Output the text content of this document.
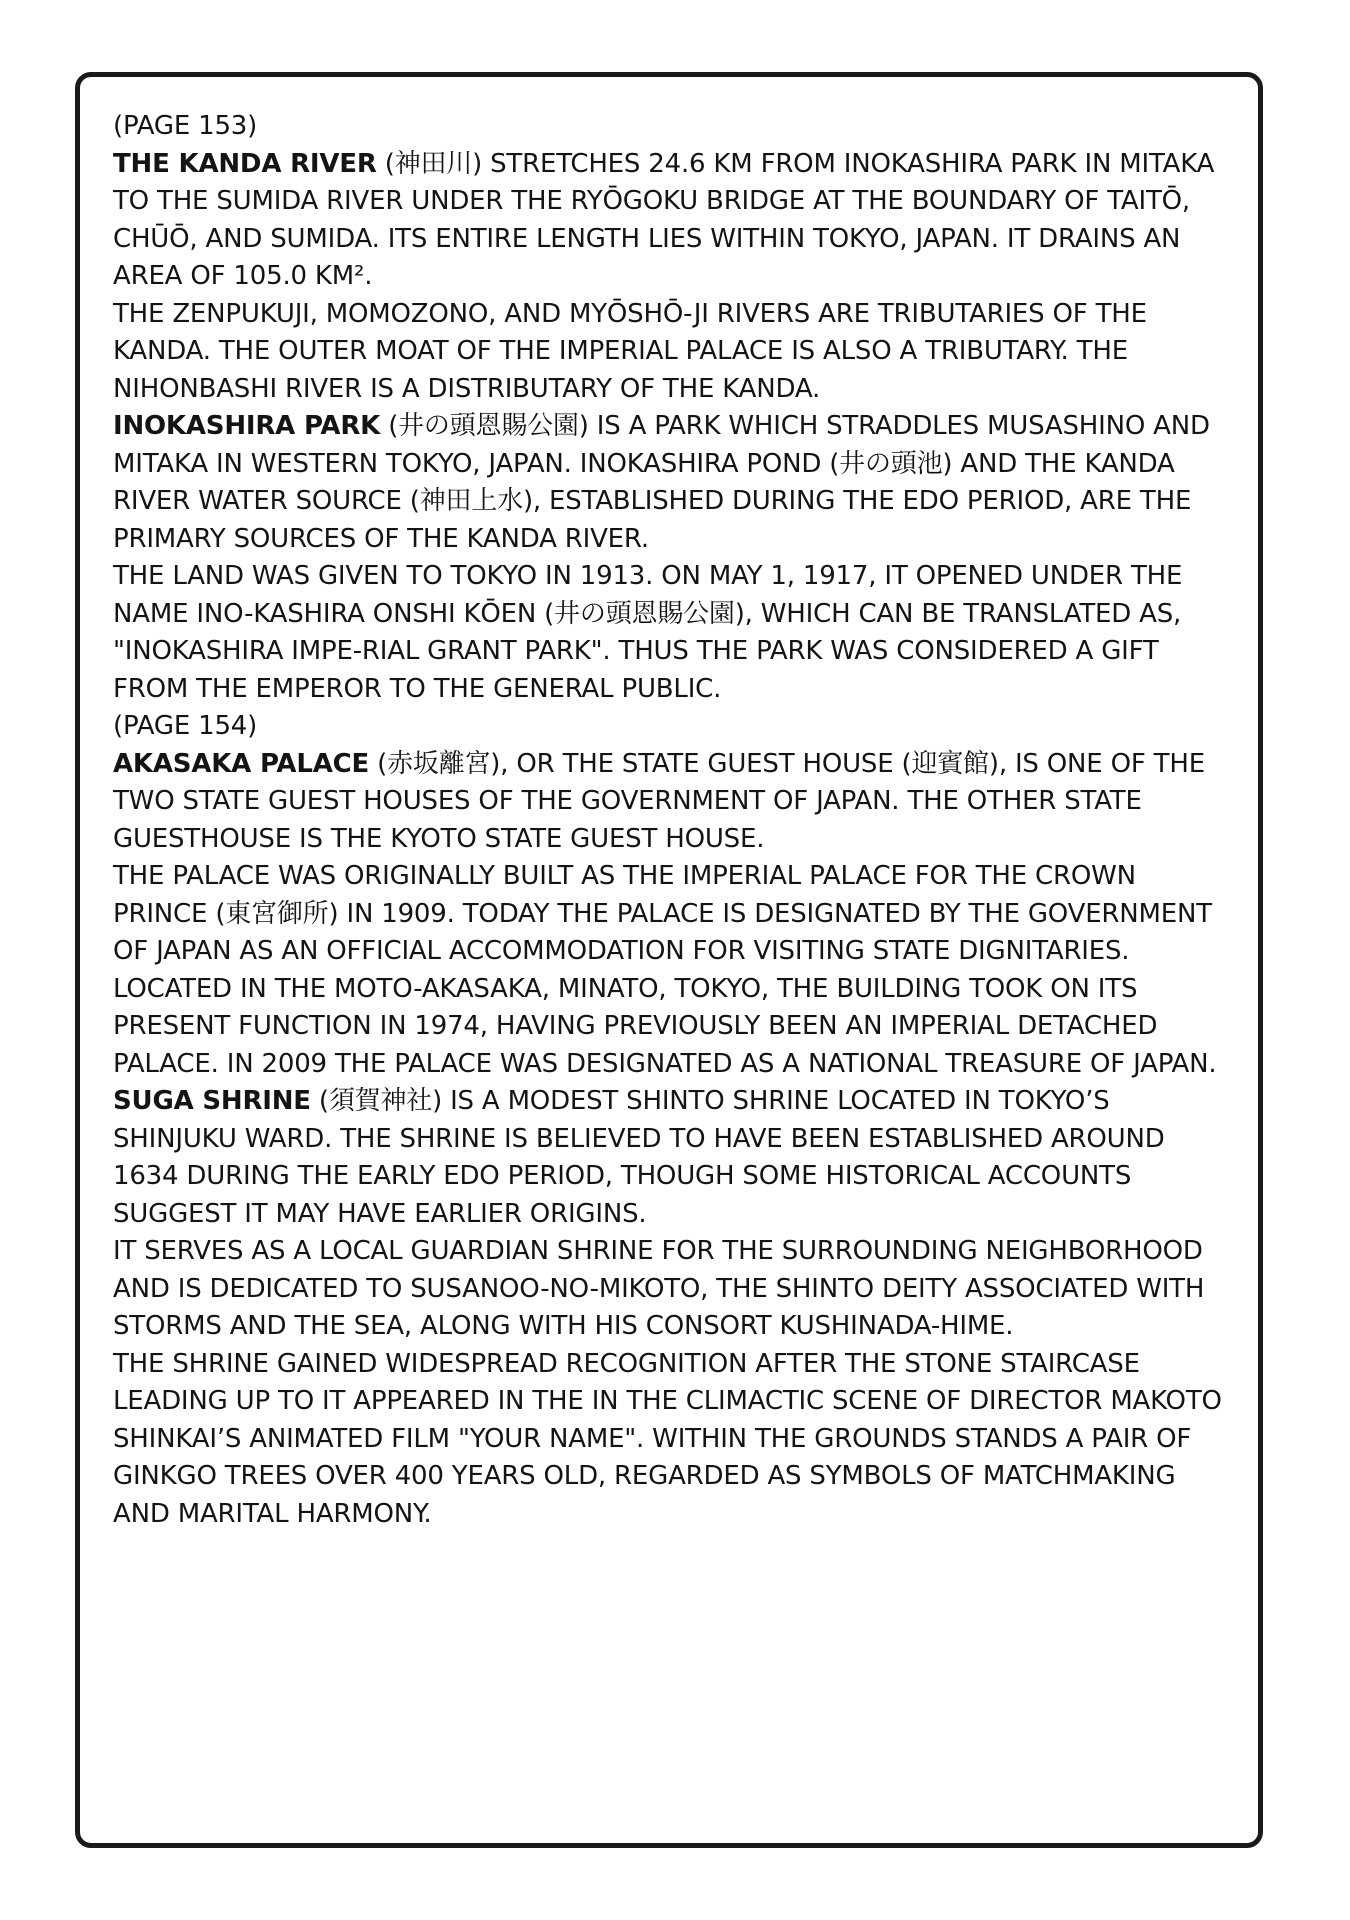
(PAGE 153)

THE KANDA RIVER (神田川) STRETCHES 24.6 KM FROM INOKASHIRA PARK IN MITAKA TO THE SUMIDA RIVER UNDER THE RYŌGOKU BRIDGE AT THE BOUNDARY OF TAITŌ, CHŪŌ, AND SUMIDA. ITS ENTIRE LENGTH LIES WITHIN TOKYO, JAPAN. IT DRAINS AN AREA OF 105.0 KM².

THE ZENPUKUJI, MOMOZONO, AND MYŌSHŌ-JI RIVERS ARE TRIBUTARIES OF THE KANDA. THE OUTER MOAT OF THE IMPERIAL PALACE IS ALSO A TRIBUTARY. THE NIHONBASHI RIVER IS A DISTRIBUTARY OF THE KANDA.

INOKASHIRA PARK (井の頭恩賜公園) IS A PARK WHICH STRADDLES MUSASHINO AND MITAKA IN WESTERN TOKYO, JAPAN. INOKASHIRA POND (井の頭池) AND THE KANDA RIVER WATER SOURCE (神田上水), ESTABLISHED DURING THE EDO PERIOD, ARE THE PRIMARY SOURCES OF THE KANDA RIVER.

THE LAND WAS GIVEN TO TOKYO IN 1913. ON MAY 1, 1917, IT OPENED UNDER THE NAME INO-KASHIRA ONSHI KŌEN (井の頭恩賜公園), WHICH CAN BE TRANSLATED AS, "INOKASHIRA IMPE-RIAL GRANT PARK". THUS THE PARK WAS CONSIDERED A GIFT FROM THE EMPEROR TO THE GENERAL PUBLIC.

(PAGE 154)

AKASAKA PALACE (赤坂離宮), OR THE STATE GUEST HOUSE (迎賓館), IS ONE OF THE TWO STATE GUEST HOUSES OF THE GOVERNMENT OF JAPAN. THE OTHER STATE GUESTHOUSE IS THE KYOTO STATE GUEST HOUSE.

THE PALACE WAS ORIGINALLY BUILT AS THE IMPERIAL PALACE FOR THE CROWN PRINCE (東宮御所) IN 1909. TODAY THE PALACE IS DESIGNATED BY THE GOVERNMENT OF JAPAN AS AN OFFICIAL ACCOMMODATION FOR VISITING STATE DIGNITARIES.

LOCATED IN THE MOTO-AKASAKA, MINATO, TOKYO, THE BUILDING TOOK ON ITS PRESENT FUNCTION IN 1974, HAVING PREVIOUSLY BEEN AN IMPERIAL DETACHED PALACE. IN 2009 THE PALACE WAS DESIGNATED AS A NATIONAL TREASURE OF JAPAN.

SUGA SHRINE (須賀神社) IS A MODEST SHINTO SHRINE LOCATED IN TOKYO’S SHINJUKU WARD. THE SHRINE IS BELIEVED TO HAVE BEEN ESTABLISHED AROUND 1634 DURING THE EARLY EDO PERIOD, THOUGH SOME HISTORICAL ACCOUNTS SUGGEST IT MAY HAVE EARLIER ORIGINS.

IT SERVES AS A LOCAL GUARDIAN SHRINE FOR THE SURROUNDING NEIGHBORHOOD AND IS DEDICATED TO SUSANOO-NO-MIKOTO, THE SHINTO DEITY ASSOCIATED WITH STORMS AND THE SEA, ALONG WITH HIS CONSORT KUSHINADA-HIME.

THE SHRINE GAINED WIDESPREAD RECOGNITION AFTER THE STONE STAIRCASE LEADING UP TO IT APPEARED IN THE IN THE CLIMACTIC SCENE OF DIRECTOR MAKOTO SHINKAI’S ANIMATED FILM "YOUR NAME". WITHIN THE GROUNDS STANDS A PAIR OF GINKGO TREES OVER 400 YEARS OLD, REGARDED AS SYMBOLS OF MATCHMAKING AND MARITAL HARMONY.
